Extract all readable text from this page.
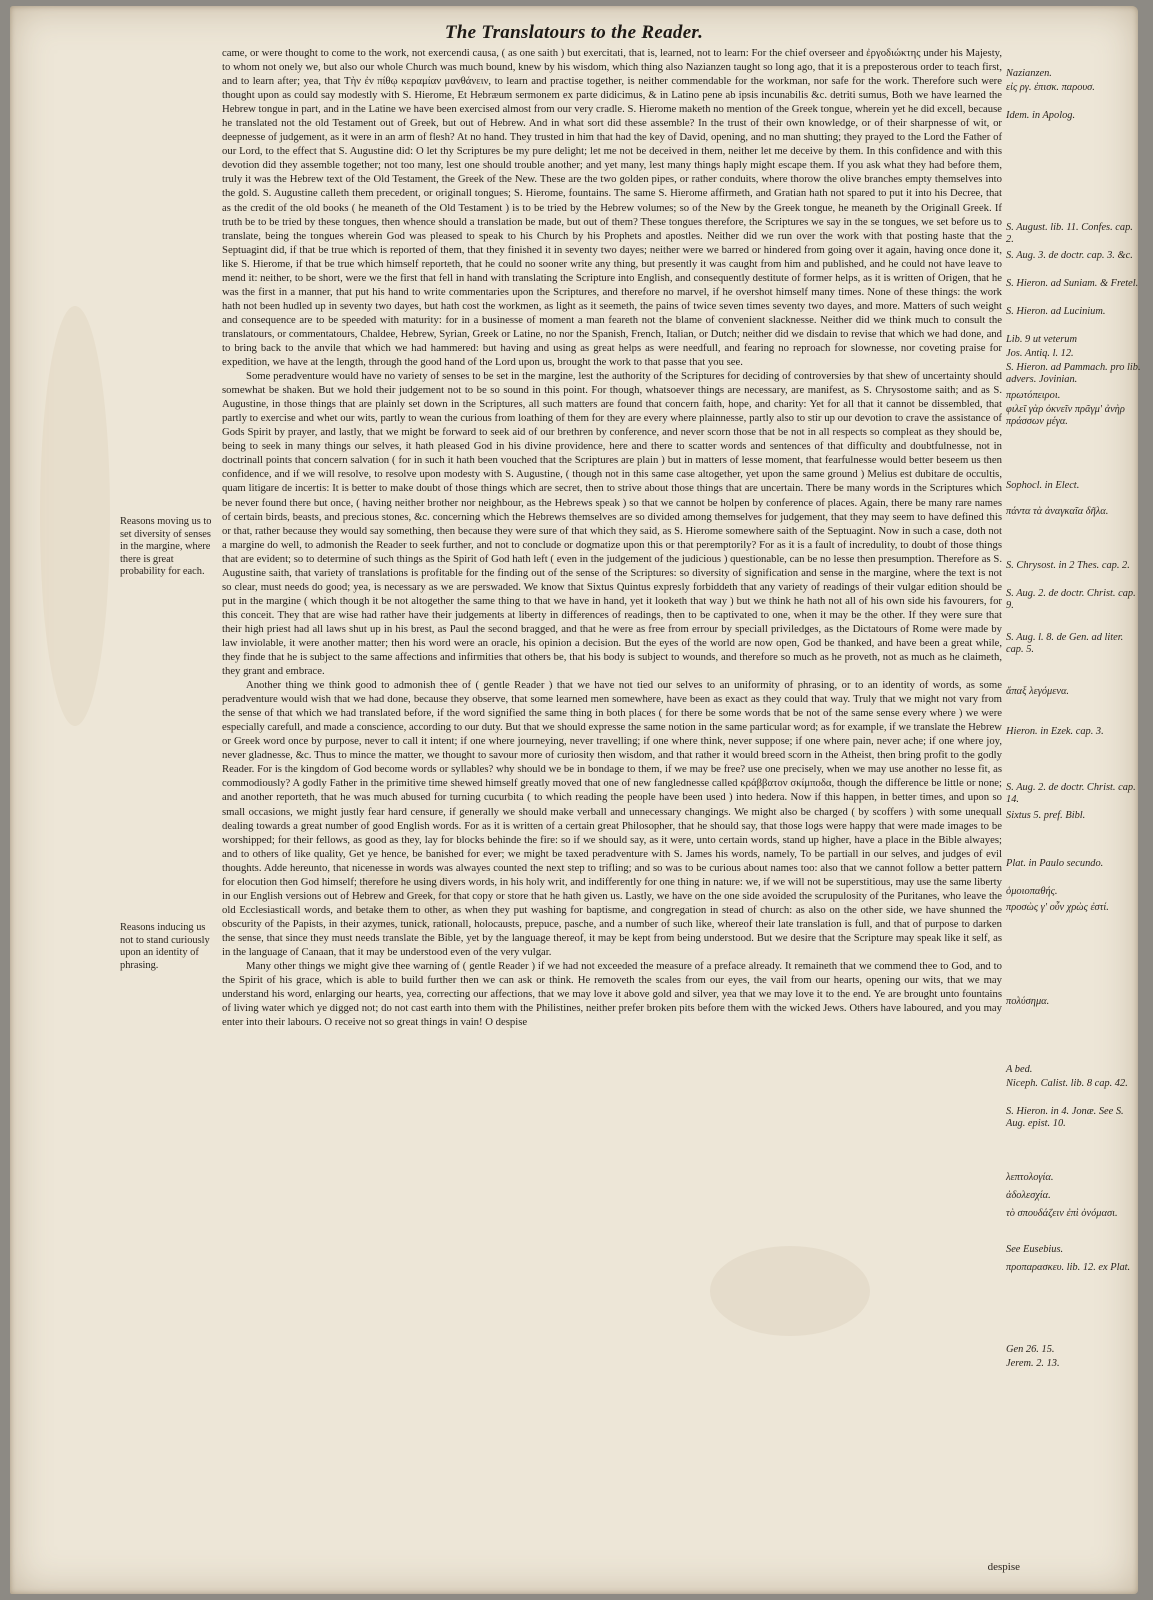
The Translatours to the Reader.

came, or were thought to come to the work, not exercendi causa, ( as one saith ) but exercitati, that is, learned, not to learn: For the chief overseer and ἐργοδιώκτης under his Majesty, to whom not onely we, but also our whole Church was much bound, knew by his wisdom, which thing also Nazianzen taught so long ago, that it is a preposterous order to teach first, and to learn after; yea, that Τὴν ἐν πίθῳ κεραμίαν μανθάνειν, to learn and practise together, is neither commendable for the workman, nor safe for the work. Therefore such were thought upon as could say modestly with S. Hierome, Et Hebræum sermonem ex parte didicimus, & in Latino pene ab ipsis incunabilis &c. detriti sumus, Both we have learned the Hebrew tongue in part, and in the Latine we have been exercised almost from our very cradle. S. Hierome maketh no mention of the Greek tongue, wherein yet he did excell, because he translated not the old Testament out of Greek, but out of Hebrew. And in what sort did these assemble? In the trust of their own knowledge, or of their sharpnesse of wit, or deepnesse of judgement, as it were in an arm of flesh? At no hand. They trusted in him that had the key of David, opening, and no man shutting; they prayed to the Lord the Father of our Lord, to the effect that S. Augustine did: O let thy Scriptures be my pure delight; let me not be deceived in them, neither let me deceive by them. In this confidence and with this devotion did they assemble together; not too many, lest one should trouble another; and yet many, lest many things haply might escape them. If you ask what they had before them, truly it was the Hebrew text of the Old Testament, the Greek of the New. These are the two golden pipes, or rather conduits, where thorow the olive branches empty themselves into the gold. S. Augustine calleth them precedent, or originall tongues; S. Hierome, fountains. The same S. Hierome affirmeth, and Gratian hath not spared to put it into his Decree, that as the credit of the old books ( he meaneth of the Old Testament ) is to be tried by the Hebrew volumes; so of the New by the Greek tongue, he meaneth by the Originall Greek. If truth be to be tried by these tongues, then whence should a translation be made, but out of them? These tongues therefore, the Scriptures we say in the se tongues, we set before us to translate, being the tongues wherein God was pleased to speak to his Church by his Prophets and apostles. Neither did we run over the work with that posting haste that the Septuagint did, if that be true which is reported of them, that they finished it in seventy two dayes; neither were we barred or hindered from going over it again, having once done it, like S. Hierome, if that be true which himself reporteth, that he could no sooner write any thing, but presently it was caught from him and published, and he could not have leave to mend it: neither, to be short, were we the first that fell in hand with translating the Scripture into English, and consequently destitute of former helps, as it is written of Origen, that he was the first in a manner, that put his hand to write commentaries upon the Scriptures, and therefore no marvel, if he overshot himself many times. None of these things: the work hath not been hudled up in seventy two dayes, but hath cost the workmen, as light as it seemeth, the pains of twice seven times seventy two dayes, and more. Matters of such weight and consequence are to be speeded with maturity: for in a businesse of moment a man feareth not the blame of convenient slacknesse. Neither did we think much to consult the translatours, or commentatours, Chaldee, Hebrew, Syrian, Greek or Latine, no nor the Spanish, French, Italian, or Dutch; neither did we disdain to revise that which we had done, and to bring back to the anvile that which we had hammered: but having and using as great helps as were needfull, and fearing no reproach for slownesse, nor coveting praise for expedition, we have at the length, through the good hand of the Lord upon us, brought the work to that passe that you see.

Some peradventure would have no variety of senses to be set in the margine, lest the authority of the Scriptures for deciding of controversies by that shew of uncertainty should somewhat be shaken. But we hold their judgement not to be so sound in this point. For though, whatsoever things are necessary, are manifest, as S. Chrysostome saith; and as S. Augustine, in those things that are plainly set down in the Scriptures, all such matters are found that concern faith, hope, and charity: Yet for all that it cannot be dissembled, that partly to exercise and whet our wits, partly to wean the curious from loathing of them for they are every where plainnesse, partly also to stir up our devotion to crave the assistance of Gods Spirit by prayer, and lastly, that we might be forward to seek aid of our brethren by conference, and never scorn those that be not in all respects so compleat as they should be, being to seek in many things our selves, it hath pleased God in his divine providence, here and there to scatter words and sentences of that difficulty and doubtfulnesse, not in doctrinall points that concern salvation ( for in such it hath been vouched that the Scriptures are plain ) but in matters of lesse moment, that fearfulnesse would better beseem us then confidence, and if we will resolve, to resolve upon modesty with S. Augustine, ( though not in this same case altogether, yet upon the same ground ) Melius est dubitare de occultis, quam litigare de incertis: It is better to make doubt of those things which are secret, then to strive about those things that are uncertain. There be many words in the Scriptures which be never found there but once, ( having neither brother nor neighbour, as the Hebrews speak ) so that we cannot be holpen by conference of places. Again, there be many rare names of certain birds, beasts, and precious stones, &c. concerning which the Hebrews themselves are so divided among themselves for judgement, that they may seem to have defined this or that, rather because they would say something, then because they were sure of that which they said, as S. Hierome somewhere saith of the Septuagint. Now in such a case, doth not a margine do well, to admonish the Reader to seek further, and not to conclude or dogmatize upon this or that peremptorily? For as it is a fault of incredulity, to doubt of those things that are evident; so to determine of such things as the Spirit of God hath left ( even in the judgement of the judicious ) questionable, can be no lesse then presumption. Therefore as S. Augustine saith, that variety of translations is profitable for the finding out of the sense of the Scriptures: so diversity of signification and sense in the margine, where the text is not so clear, must needs do good; yea, is necessary as we are perswaded. We know that Sixtus Quintus expresly forbiddeth that any variety of readings of their vulgar edition should be put in the margine ( which though it be not altogether the same thing to that we have in hand, yet it looketh that way ) but we think he hath not all of his own side his favourers, for this conceit. They that are wise had rather have their judgements at liberty in differences of readings, then to be captivated to one, when it may be the other. If they were sure that their high priest had all laws shut up in his brest, as Paul the second bragged, and that he were as free from errour by speciall priviledges, as the Dictatours of Rome were made by law inviolable, it were another matter; then his word were an oracle, his opinion a decision. But the eyes of the world are now open, God be thanked, and have been a great while, they finde that he is subject to the same affections and infirmities that others be, that his body is subject to wounds, and therefore so much as he proveth, not as much as he claimeth, they grant and embrace.

Another thing we think good to admonish thee of ( gentle Reader ) that we have not tied our selves to an uniformity of phrasing, or to an identity of words, as some peradventure would wish that we had done, because they observe, that some learned men somewhere, have been as exact as they could that way. Truly that we might not vary from the sense of that which we had translated before, if the word signified the same thing in both places ( for there be some words that be not of the same sense every where ) we were especially carefull, and made a conscience, according to our duty. But that we should expresse the same notion in the same particular word; as for example, if we translate the Hebrew or Greek word once by purpose, never to call it intent; if one where journeying, never travelling; if one where think, never suppose; if one where pain, never ache; if one where joy, never gladnesse, &c. Thus to mince the matter, we thought to savour more of curiosity then wisdom, and that rather it would breed scorn in the Atheist, then bring profit to the godly Reader. For is the kingdom of God become words or syllables? why should we be in bondage to them, if we may be free? use one precisely, when we may use another no lesse fit, as commodiously? A godly Father in the primitive time shewed himself greatly moved that one of new fanglednesse called κράββατον σκίμποδα, though the difference be little or none; and another reporteth, that he was much abused for turning cucurbita ( to which reading the people have been used ) into hedera. Now if this happen, in better times, and upon so small occasions, we might justly fear hard censure, if generally we should make verball and unnecessary changings. We might also be charged ( by scoffers ) with some unequall dealing towards a great number of good English words. For as it is written of a certain great Philosopher, that he should say, that those logs were happy that were made images to be worshipped; for their fellows, as good as they, lay for blocks behinde the fire: so if we should say, as it were, unto certain words, stand up higher, have a place in the Bible alwayes; and to others of like quality, Get ye hence, be banished for ever; we might be taxed peradventure with S. James his words, namely, To be partiall in our selves, and judges of evil thoughts. Adde hereunto, that nicenesse in words was alwayes counted the next step to trifling; and so was to be curious about names too: also that we cannot follow a better pattern for elocution then God himself; therefore he using divers words, in his holy writ, and indifferently for one thing in nature: we, if we will not be superstitious, may use the same liberty in our English versions out of Hebrew and Greek, for that copy or store that he hath given us. Lastly, we have on the one side avoided the scrupulosity of the Puritanes, who leave the old Ecclesiasticall words, and betake them to other, as when they put washing for baptisme, and congregation in stead of church: as also on the other side, we have shunned the obscurity of the Papists, in their azymes, tunick, rationall, holocausts, prepuce, pasche, and a number of such like, whereof their late translation is full, and that of purpose to darken the sense, that since they must needs translate the Bible, yet by the language thereof, it may be kept from being understood. But we desire that the Scripture may speak like it self, as in the language of Canaan, that it may be understood even of the very vulgar.

Many other things we might give thee warning of ( gentle Reader ) if we had not exceeded the measure of a preface already. It remaineth that we commend thee to God, and to the Spirit of his grace, which is able to build further then we can ask or think. He removeth the scales from our eyes, the vail from our hearts, opening our wits, that we may understand his word, enlarging our hearts, yea, correcting our affections, that we may love it above gold and silver, yea that we may love it to the end. Ye are brought unto fountains of living water which ye digged not; do not cast earth into them with the Philistines, neither prefer broken pits before them with the wicked Jews. Others have laboured, and you may enter into their labours. O receive not so great things in vain! O despise

Reasons moving us to set diversity of senses in the margine, where there is great probability for each.
Reasons inducing us not to stand curiously upon an identity of phrasing.
Nazianzen.
εἰς ργ. ἐπισκ. παρουσ.
Idem. in Apolog.
S. August. lib. 11. Confes. cap. 2.
S. Aug. 3. de doctr. cap. 3. &c.
S. Hieron. ad Suniam. & Fretel.
S. Hieron. ad Lucinium.
Lib. 9 ut veterum
Jos. Antiq. l. 12.
S. Hieron. ad Pammach. pro lib. advers. Jovinian.
πρωτόπειροι.
φιλεῖ γὰρ ὀκνεῖν πρᾶγμ' ἀνὴρ πράσσων μέγα.
Sophocl. in Elect.
πάντα τὰ ἀναγκαῖα δῆλα.
S. Chrysost. in 2 Thes. cap. 2.
S. Aug. 2. de doctr. Christ. cap. 9.
S. Aug. l. 8. de Gen. ad liter. cap. 5.
ἅπαξ λεγόμενα.
Hieron. in Ezek. cap. 3.
S. Aug. 2. de doctr. Christ. cap. 14.
Sixtus 5. pref. Bibl.
Plat. in Paulo secundo.
ὁμοιοπαθής.
προσὼς γ' οὖν χρὼς ἐστί.
πολύσημα.
A bed.
Niceph. Calist. lib. 8 cap. 42.
S. Hieron. in 4. Jonæ. See S. Aug. epist. 10.
λεπτολογία.
ἀδολεσχία.
τὸ σπουδάζειν ἐπὶ ὀνόμασι.
See Eusebius.
προπαρασκευ. lib. 12. ex Plat.
Gen 26. 15.
Jerem. 2. 13.
despise
